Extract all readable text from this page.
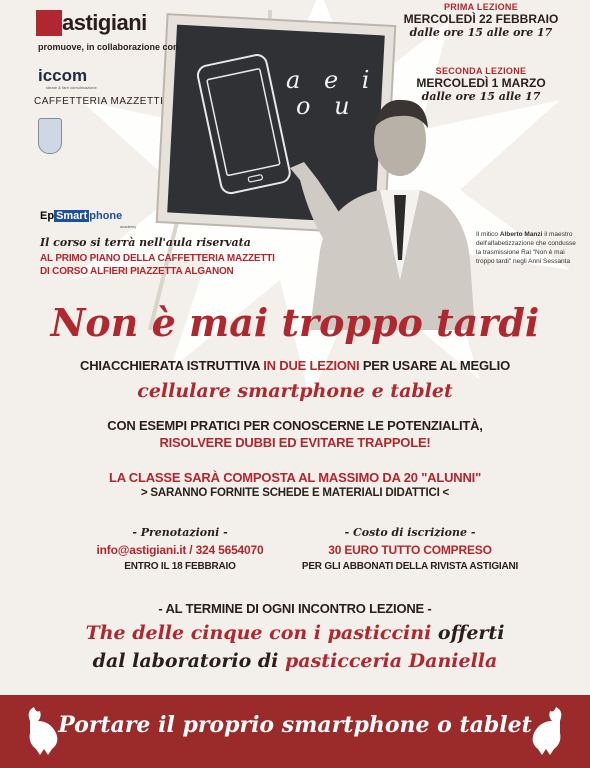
a e i
o u
astigiani
promuove, in collaborazione con
iccom
ideare & fare comunicazione
CAFFETTERIA MAZZETTI
Ep Smart phone
academy
Il corso si terrà nell'aula riservata
AL PRIMO PIANO DELLA CAFFETTERIA MAZZETTI
DI CORSO ALFIERI PIAZZETTA ALGANON
PRIMA LEZIONE
MERCOLEDÌ 22 FEBBRAIO
dalle ore 15 alle ore 17
SECONDA LEZIONE
MERCOLEDÌ 1 MARZO
dalle ore 15 alle 17
Il mitico Alberto Manzi il maestro dell'alfabetizzazione che condusse la trasmissione Rai "Non è mai troppo tardi" negli Anni Sessanta
Non è mai troppo tardi
CHIACCHIERATA ISTRUTTIVA IN DUE LEZIONI PER USARE AL MEGLIO
cellulare smartphone e tablet
CON ESEMPI PRATICI PER CONOSCERNE LE POTENZIALITÀ,
RISOLVERE DUBBI ED EVITARE TRAPPOLE!
LA CLASSE SARÀ COMPOSTA AL MASSIMO DA 20 "ALUNNI"
> SARANNO FORNITE SCHEDE E MATERIALI DIDATTICI <
- Prenotazioni -
info@astigiani.it / 324 5654070
ENTRO IL 18 FEBBRAIO
- Costo di iscrizione -
30 EURO TUTTO COMPRESO
PER GLI ABBONATI DELLA RIVISTA ASTIGIANI
- AL TERMINE DI OGNI INCONTRO LEZIONE -
The delle cinque con i pasticcini offerti
dal laboratorio di pasticceria Daniella
Portare il proprio smartphone o tablet
